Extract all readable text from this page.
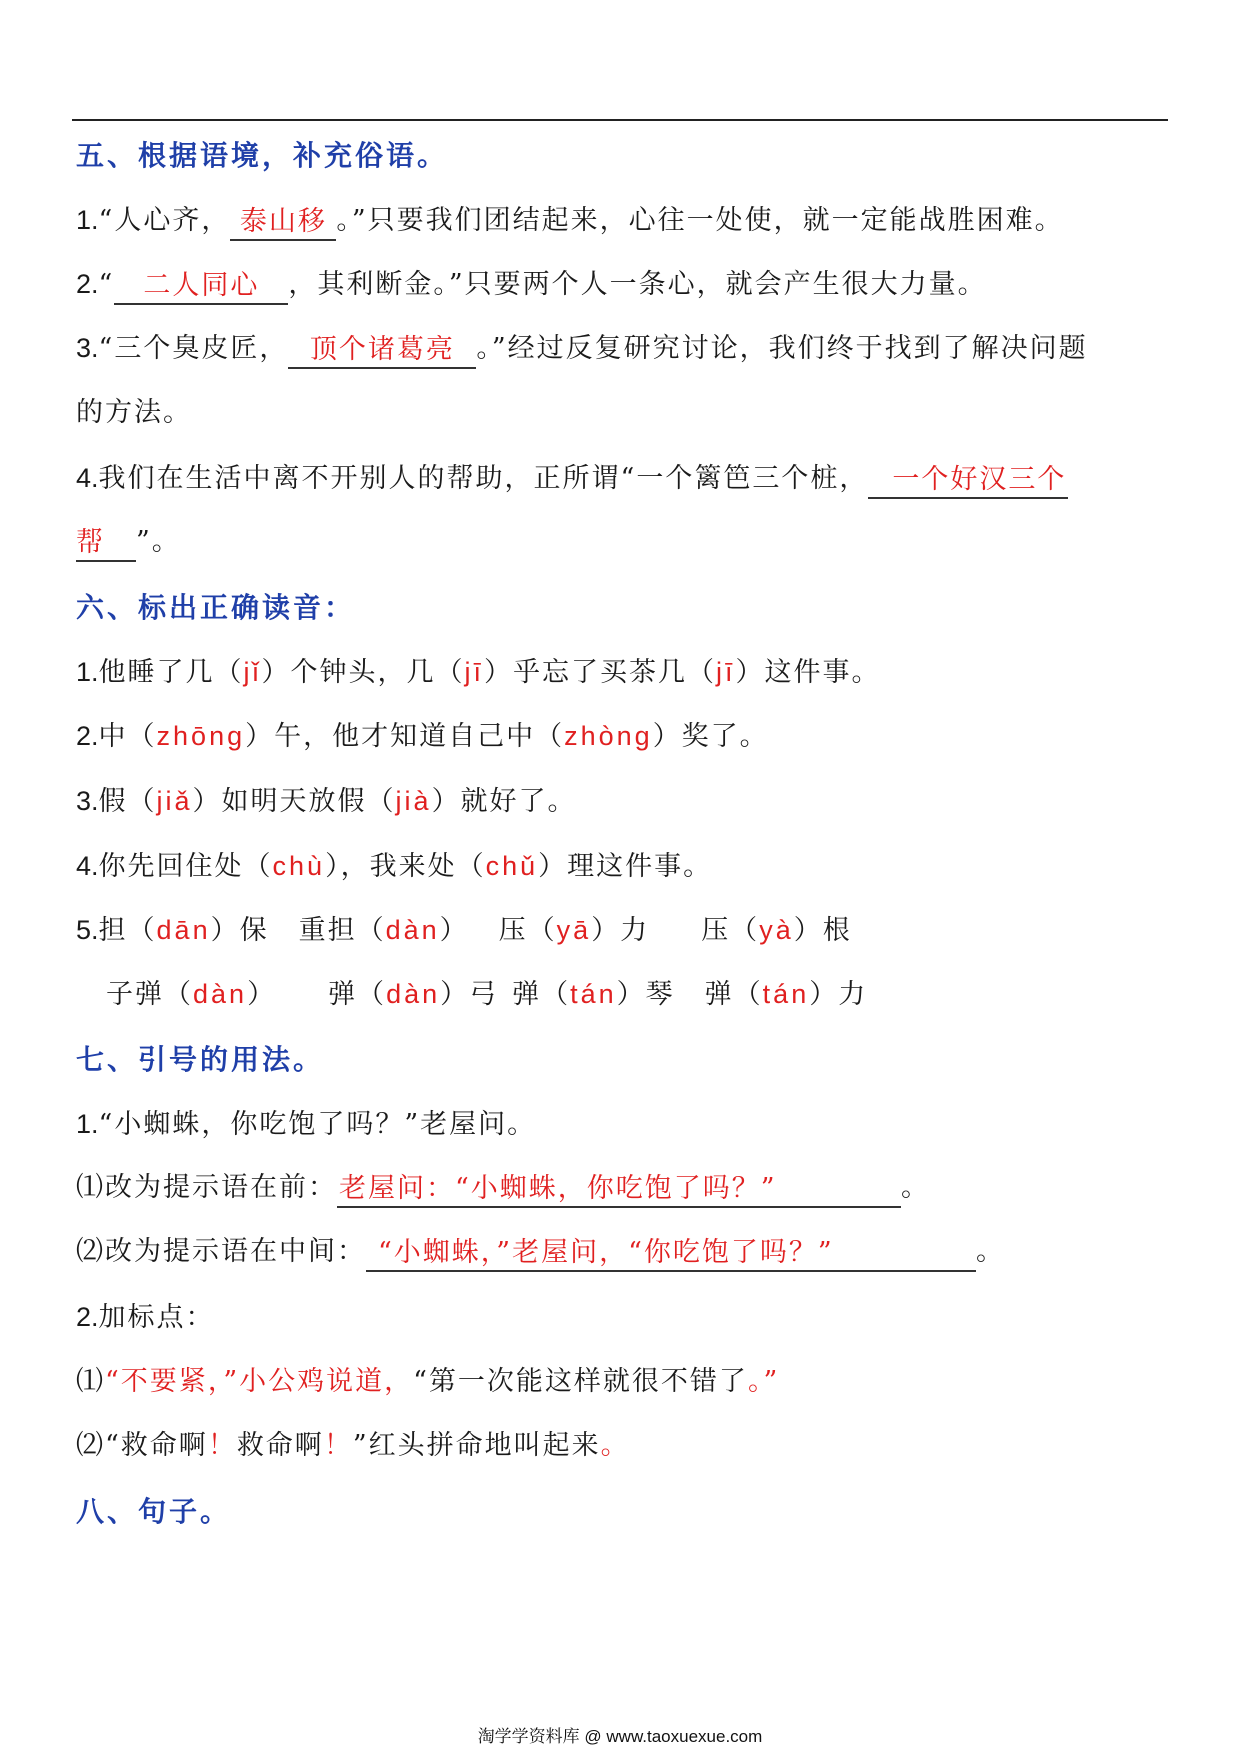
五、根据语境，补充俗语。
1.“人心齐， 泰山移 。”只要我们团结起来，心往一处使，就一定能战胜困难。
2.“ 二人同心 ，其利断金。”只要两个人一条心，就会产生很大力量。
3.“三个臭皮匠， 顶个诸葛亮 。”经过反复研究讨论，我们终于找到了解决问题
的方法。
4.我们在生活中离不开别人的帮助，正所谓“一个篱笆三个桩， 一个好汉三个
帮 ”。
六、标出正确读音：
1.他睡了几（jǐ）个钟头，几（jī）乎忘了买茶几（jī）这件事。
2.中（zhōng）午，他才知道自己中（zhòng）奖了。
3.假（jiǎ）如明天放假（jià）就好了。
4.你先回住处（chù），我来处（chǔ）理这件事。
5.担（dān）保 重担（dàn） 压（yā）力 压（yà）根
子弹（dàn） 弹（dàn）弓 弹（tán）琴 弹（tán）力
七、引号的用法。
1.“小蜘蛛，你吃饱了吗？”老屋问。
⑴改为提示语在前：老屋问：“小蜘蛛，你吃饱了吗？”	。
⑵改为提示语在中间： “小蜘蛛，”老屋问，“你吃饱了吗？”	。
2.加标点：
⑴“不要紧，”小公鸡说道，“第一次能这样就很不错了。”
⑵“救命啊！救命啊！”红头拼命地叫起来。
八、句子。
淘学学资料库 @ www.taoxuexue.com
